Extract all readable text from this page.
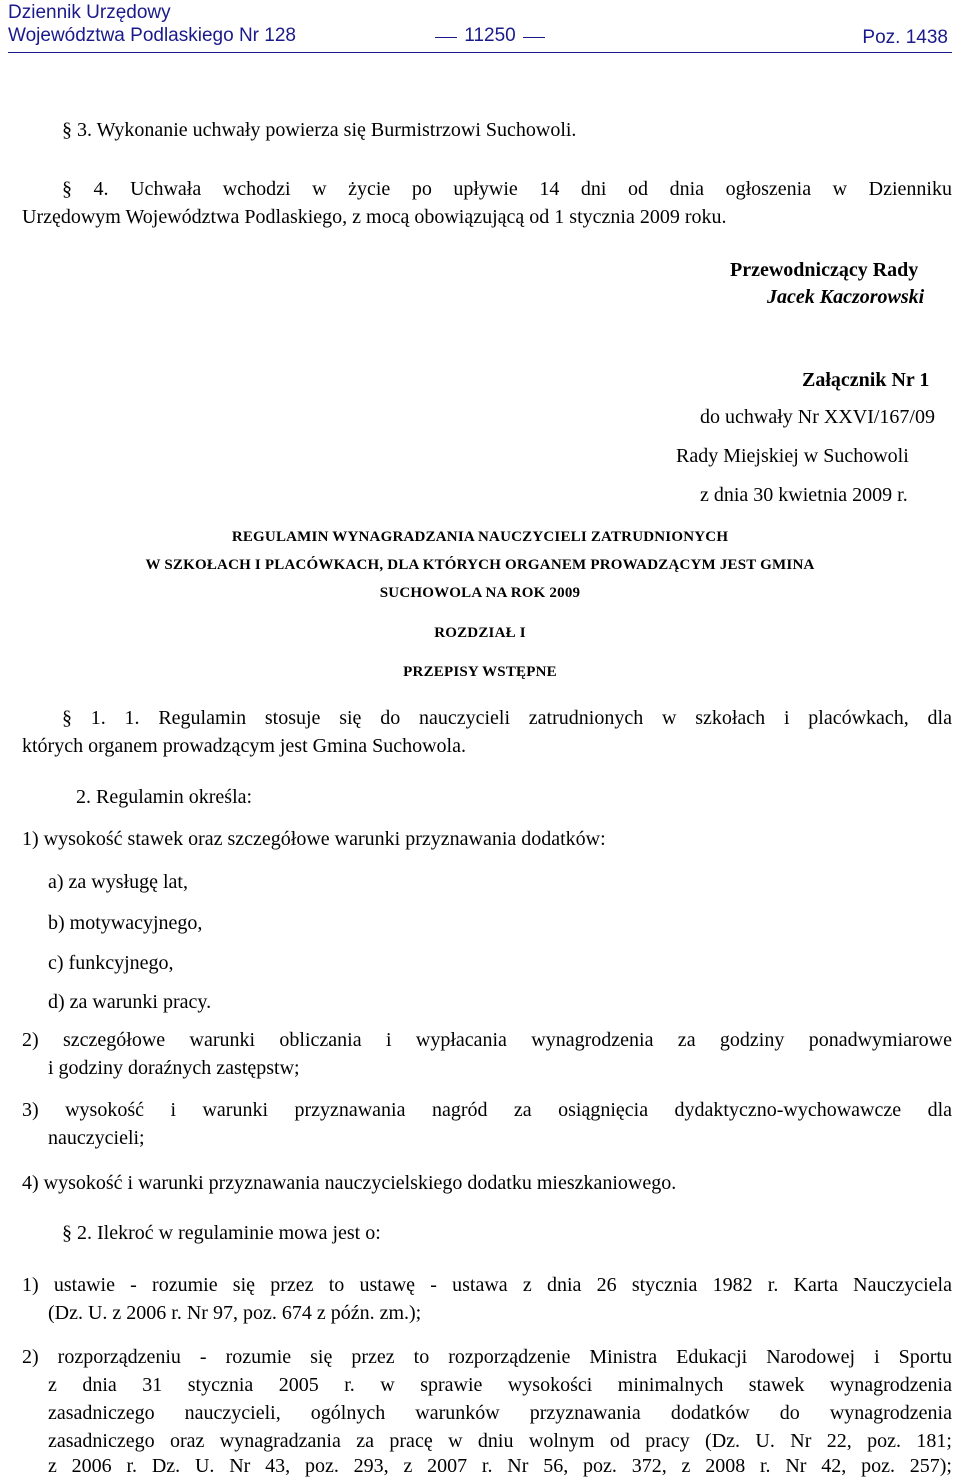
Dziennik Urzędowy
Województwa Podlaskiego Nr 128	11250	Poz. 1438
§ 3. Wykonanie uchwały powierza się Burmistrzowi Suchowoli.
§ 4. Uchwała wchodzi w życie po upływie 14 dni od dnia ogłoszenia w Dzienniku
Urzędowym Województwa Podlaskiego, z mocą obowiązującą od 1 stycznia 2009 roku.
Przewodniczący Rady
Jacek Kaczorowski
Załącznik Nr 1
do uchwały Nr XXVI/167/09
Rady Miejskiej w Suchowoli
z dnia 30 kwietnia 2009 r.
REGULAMIN WYNAGRADZANIA NAUCZYCIELI ZATRUDNIONYCH
W SZKOŁACH I PLACÓWKACH, DLA KTÓRYCH ORGANEM PROWADZĄCYM JEST GMINA
SUCHOWOLA NA ROK 2009
ROZDZIAŁ I
PRZEPISY WSTĘPNE
§ 1. 1. Regulamin stosuje się do nauczycieli zatrudnionych w szkołach i placówkach, dla
których organem prowadzącym jest Gmina Suchowola.
2. Regulamin określa:
1) wysokość stawek oraz szczegółowe warunki przyznawania dodatków:
a) za wysługę lat,
b) motywacyjnego,
c) funkcyjnego,
d) za warunki pracy.
2) szczegółowe warunki obliczania i wypłacania wynagrodzenia za godziny ponadwymiarowe
i godziny doraźnych zastępstw;
3) wysokość i warunki przyznawania nagród za osiągnięcia dydaktyczno-wychowawcze dla
nauczycieli;
4) wysokość i warunki przyznawania nauczycielskiego dodatku mieszkaniowego.
§ 2. Ilekroć w regulaminie mowa jest o:
1) ustawie - rozumie się przez to ustawę - ustawa z dnia 26 stycznia 1982 r. Karta Nauczyciela
(Dz. U. z 2006 r. Nr 97, poz. 674 z późn. zm.);
2) rozporządzeniu - rozumie się przez to rozporządzenie Ministra Edukacji Narodowej i Sportu
z dnia 31 stycznia 2005 r. w sprawie wysokości minimalnych stawek wynagrodzenia
zasadniczego nauczycieli, ogólnych warunków przyznawania dodatków do wynagrodzenia
zasadniczego oraz wynagradzania za pracę w dniu wolnym od pracy (Dz. U. Nr 22, poz. 181;
z 2006 r. Dz. U. Nr 43, poz. 293, z 2007 r. Nr 56, poz. 372, z 2008 r. Nr 42, poz. 257);
